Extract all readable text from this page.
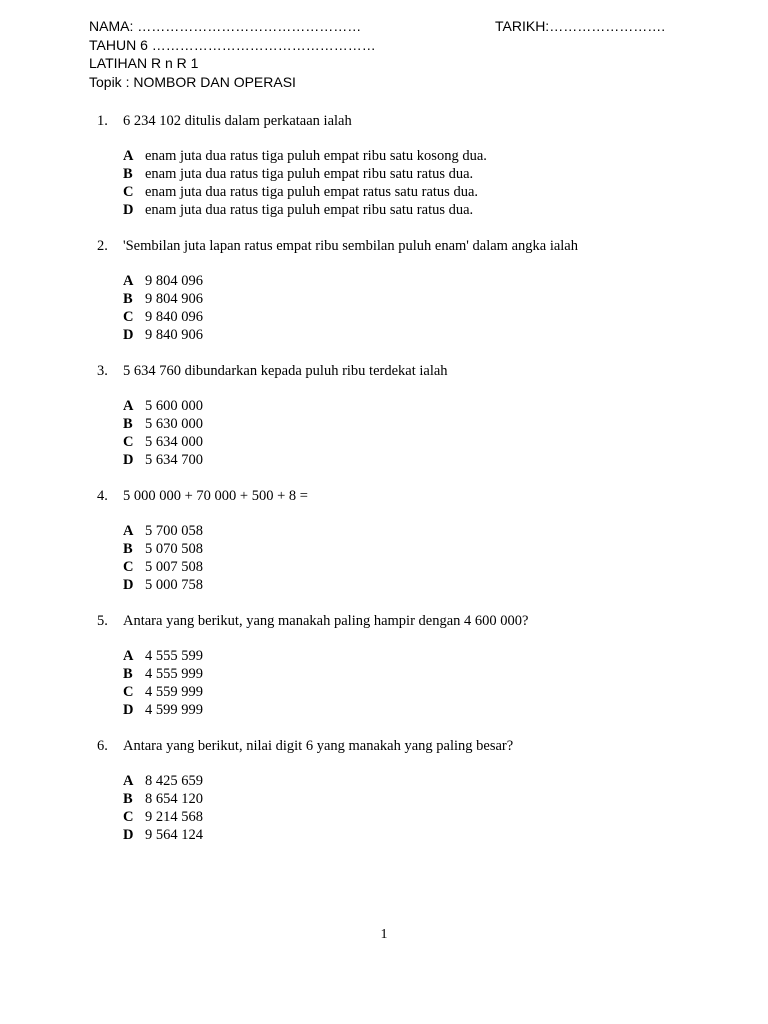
NAMA: …………………………………………	TARIKH:…………………….
TAHUN 6 …………………………………………
LATIHAN R n R 1
Topik : NOMBOR DAN OPERASI
1. 6 234 102 ditulis dalam perkataan ialah
A enam juta dua ratus tiga puluh empat ribu satu kosong dua.
B enam juta dua ratus tiga puluh empat ribu satu ratus dua.
C enam juta dua ratus tiga puluh empat ratus satu ratus dua.
D enam juta dua ratus tiga puluh empat ribu satu ratus dua.
2. 'Sembilan juta lapan ratus empat ribu sembilan puluh enam' dalam angka ialah
A 9 804 096
B 9 804 906
C 9 840 096
D 9 840 906
3. 5 634 760 dibundarkan kepada puluh ribu terdekat ialah
A 5 600 000
B 5 630 000
C 5 634 000
D 5 634 700
4. 5 000 000 + 70 000 + 500 + 8 =
A 5 700 058
B 5 070 508
C 5 007 508
D 5 000 758
5. Antara yang berikut, yang manakah paling hampir dengan 4 600 000?
A 4 555 599
B 4 555 999
C 4 559 999
D 4 599 999
6. Antara yang berikut, nilai digit 6 yang manakah yang paling besar?
A 8 425 659
B 8 654 120
C 9 214 568
D 9 564 124
1
